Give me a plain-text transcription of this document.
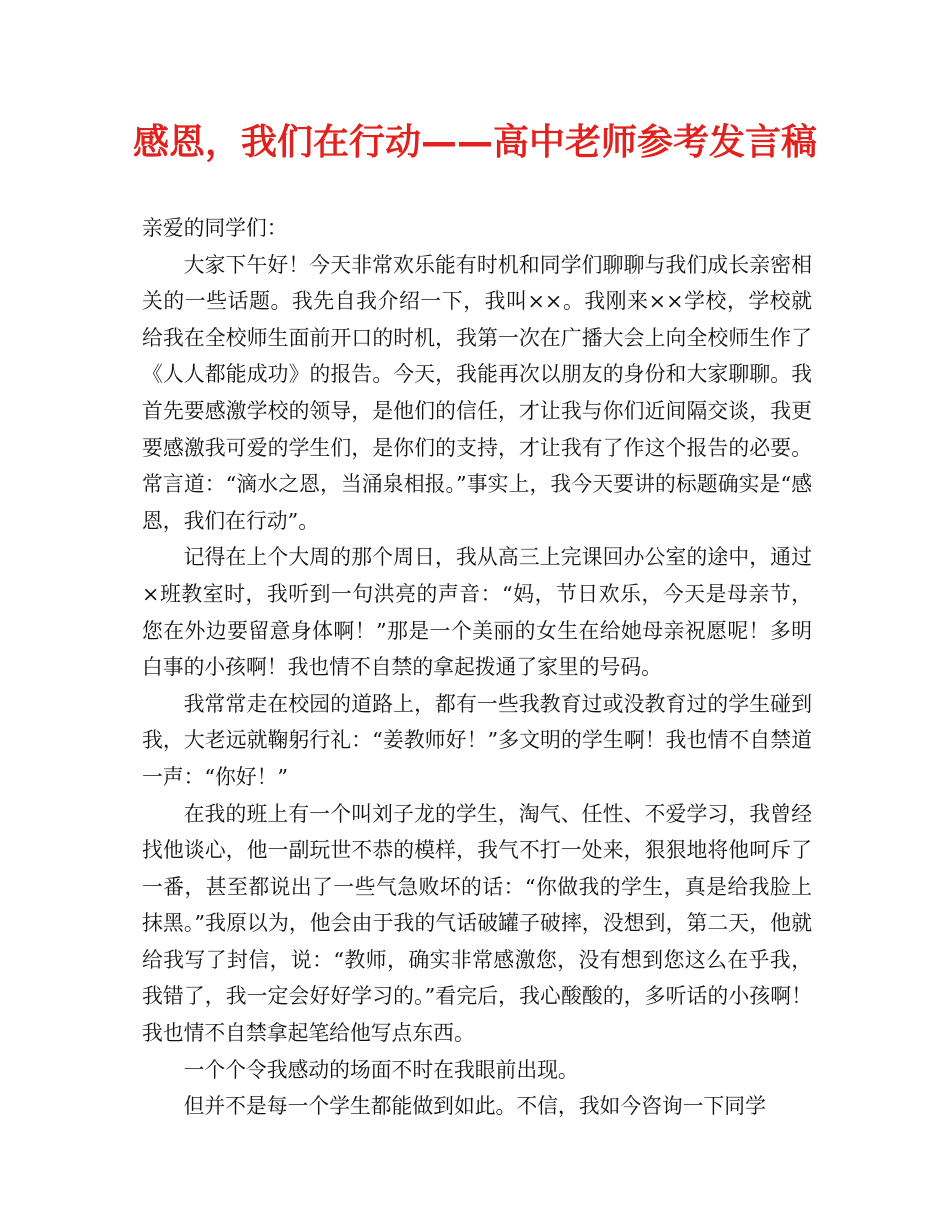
感恩，我们在行动——高中老师参考发言稿

亲爱的同学们：

大家下午好！今天非常欢乐能有时机和同学们聊聊与我们成长亲密相关的一些话题。我先自我介绍一下，我叫××。我刚来××学校，学校就给我在全校师生面前开口的时机，我第一次在广播大会上向全校师生作了《人人都能成功》的报告。今天，我能再次以朋友的身份和大家聊聊。我首先要感激学校的领导，是他们的信任，才让我与你们近间隔交谈，我更要感激我可爱的学生们，是你们的支持，才让我有了作这个报告的必要。常言道：“滴水之恩，当涌泉相报。”事实上，我今天要讲的标题确实是“感恩，我们在行动”。

记得在上个大周的那个周日，我从高三上完课回办公室的途中，通过×班教室时，我听到一句洪亮的声音：“妈，节日欢乐，今天是母亲节，您在外边要留意身体啊！”那是一个美丽的女生在给她母亲祝愿呢！多明白事的小孩啊！我也情不自禁的拿起拨通了家里的号码。

我常常走在校园的道路上，都有一些我教育过或没教育过的学生碰到我，大老远就鞠躬行礼：“姜教师好！”多文明的学生啊！我也情不自禁道一声：“你好！”

在我的班上有一个叫刘子龙的学生，淘气、任性、不爱学习，我曾经找他谈心，他一副玩世不恭的模样，我气不打一处来，狠狠地将他呵斥了一番，甚至都说出了一些气急败坏的话：“你做我的学生，真是给我脸上抹黑。”我原以为，他会由于我的气话破罐子破摔，没想到，第二天，他就给我写了封信，说：“教师，确实非常感激您，没有想到您这么在乎我，我错了，我一定会好好学习的。”看完后，我心酸酸的，多听话的小孩啊！我也情不自禁拿起笔给他写点东西。

一个个令我感动的场面不时在我眼前出现。

但并不是每一个学生都能做到如此。不信，我如今咨询一下同学
